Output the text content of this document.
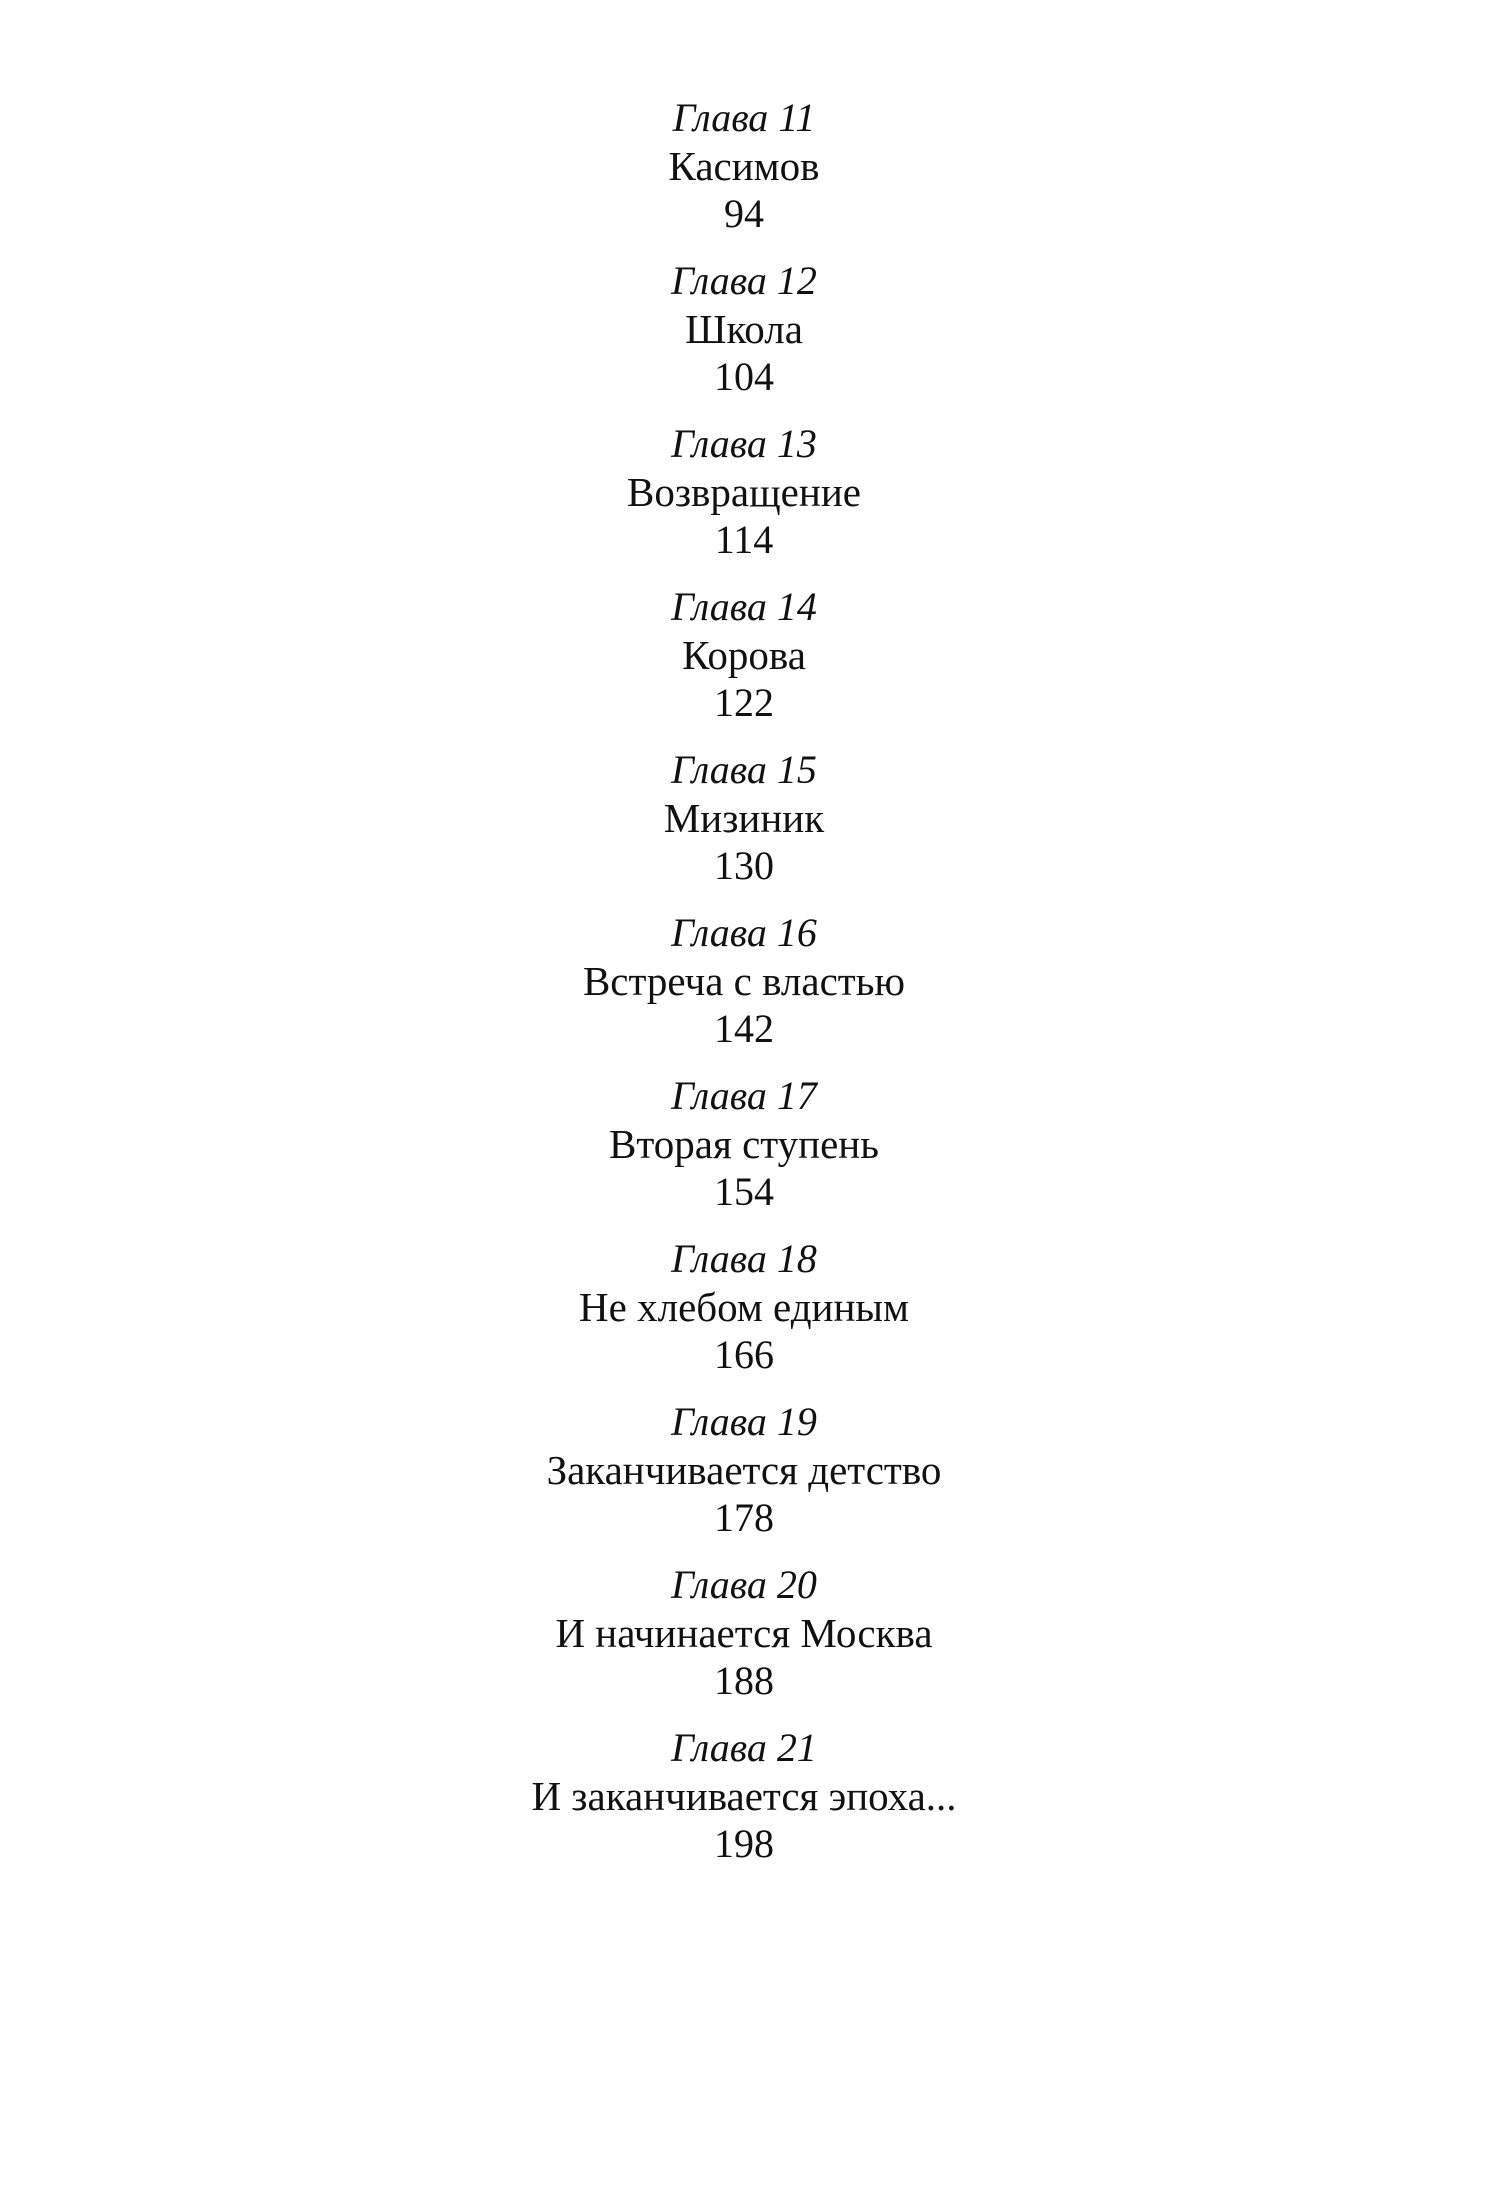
Глава 11
Касимов
94
Глава 12
Школа
104
Глава 13
Возвращение
114
Глава 14
Корова
122
Глава 15
Мизиник
130
Глава 16
Встреча с властью
142
Глава 17
Вторая ступень
154
Глава 18
Не хлебом единым
166
Глава 19
Заканчивается детство
178
Глава 20
И начинается Москва
188
Глава 21
И заканчивается эпоха...
198
